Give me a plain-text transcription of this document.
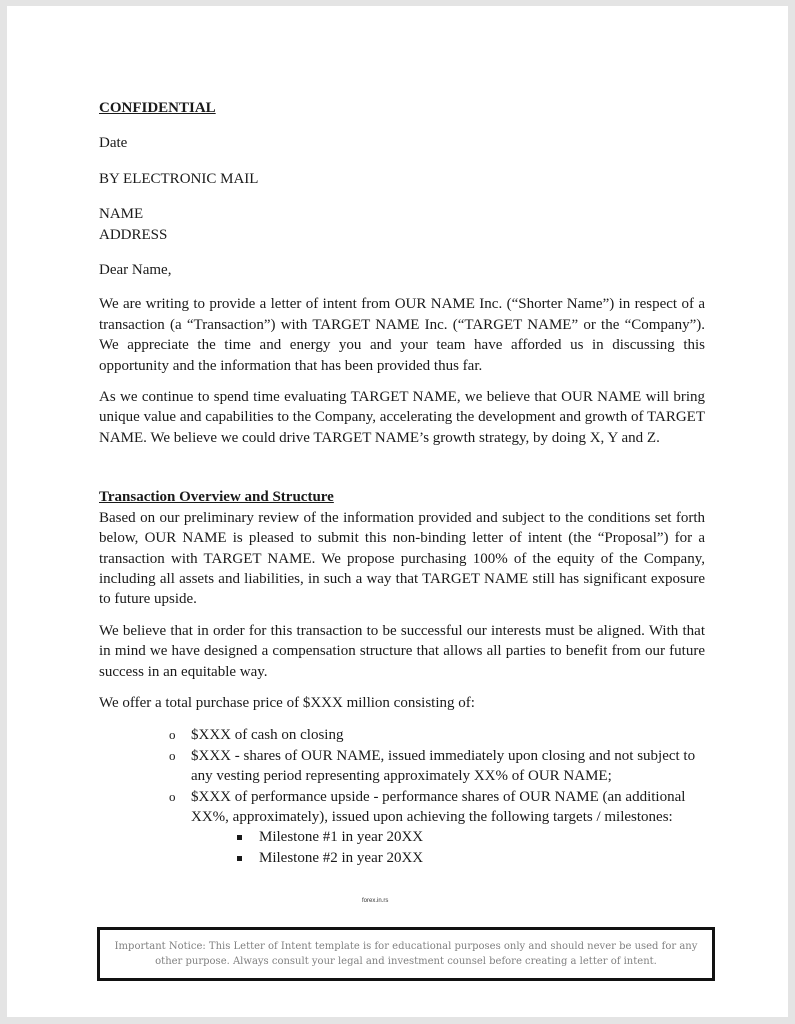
CONFIDENTIAL
Date
BY ELECTRONIC MAIL
NAME
ADDRESS
Dear Name,

We are writing to provide a letter of intent from OUR NAME Inc. (“Shorter Name”) in respect of a transaction (a “Transaction”) with TARGET NAME Inc. (“TARGET NAME” or the “Company”). We appreciate the time and energy you and your team have afforded us in discussing this opportunity and the information that has been provided thus far.

As we continue to spend time evaluating TARGET NAME, we believe that OUR NAME will bring unique value and capabilities to the Company, accelerating the development and growth of TARGET NAME. We believe we could drive TARGET NAME’s growth strategy, by doing X, Y and Z.

Transaction Overview and Structure

Based on our preliminary review of the information provided and subject to the conditions set forth below, OUR NAME is pleased to submit this non-binding letter of intent (the “Proposal”) for a transaction with TARGET NAME. We propose purchasing 100% of the equity of the Company, including all assets and liabilities, in such a way that TARGET NAME still has significant exposure to future upside.

We believe that in order for this transaction to be successful our interests must be aligned. With that in mind we have designed a compensation structure that allows all parties to benefit from our future success in an equitable way.

We offer a total purchase price of $XXX million consisting of:
o $XXX of cash on closing
o $XXX - shares of OUR NAME, issued immediately upon closing and not subject to any vesting period representing approximately XX% of OUR NAME;
o $XXX of performance upside - performance shares of OUR NAME (an additional XX%, approximately), issued upon achieving the following targets / milestones:
Milestone #1 in year 20XX
Milestone #2 in year 20XX
forex.in.rs
Important Notice: This Letter of Intent template is for educational purposes only and should never be used for any other purpose. Always consult your legal and investment counsel before creating a letter of intent.
